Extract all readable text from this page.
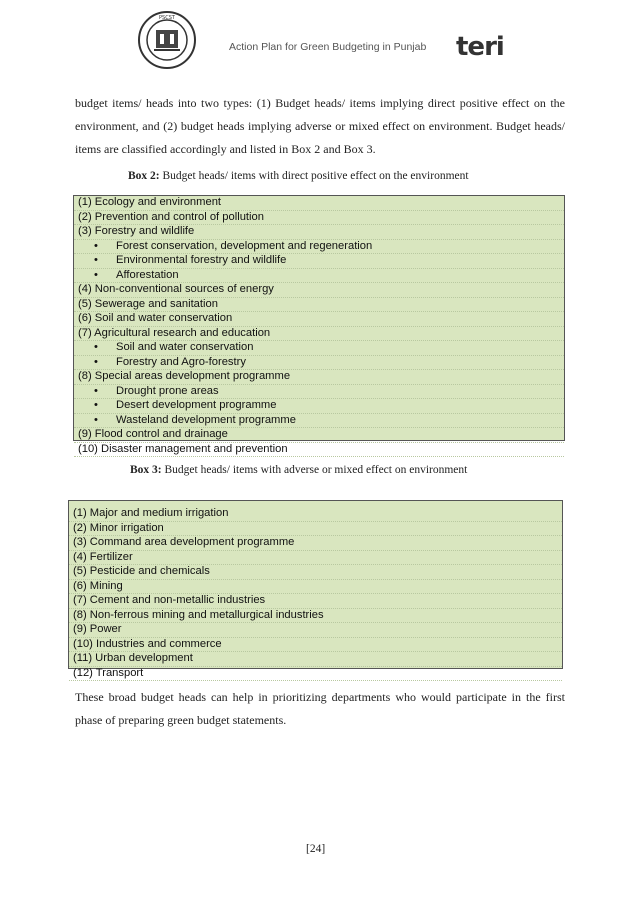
PSCST
Action Plan for Green Budgeting in Punjab teri
budget items/ heads into two types: (1) Budget heads/ items implying direct positive effect on the environment, and (2) budget heads implying adverse or mixed effect on environment. Budget heads/ items are classified accordingly and listed in Box 2 and Box 3.
Box 2: Budget heads/ items with direct positive effect on the environment
(1) Ecology and environment
(2) Prevention and control of pollution
(3) Forestry and wildlife
• Forest conservation, development and regeneration
• Environmental forestry and wildlife
• Afforestation
(4) Non-conventional sources of energy
(5) Sewerage and sanitation
(6) Soil and water conservation
(7) Agricultural research and education
• Soil and water conservation
• Forestry and Agro-forestry
(8) Special areas development programme
• Drought prone areas
• Desert development programme
• Wasteland development programme
(9) Flood control and drainage
(10) Disaster management and prevention
Box 3: Budget heads/ items with adverse or mixed effect on environment
(1) Major and medium irrigation
(2) Minor irrigation
(3) Command area development programme
(4) Fertilizer
(5) Pesticide and chemicals
(6) Mining
(7) Cement and non-metallic industries
(8) Non-ferrous mining and metallurgical industries
(9) Power
(10) Industries and commerce
(11) Urban development
(12) Transport
These broad budget heads can help in prioritizing departments who would participate in the first phase of preparing green budget statements.
[24]
